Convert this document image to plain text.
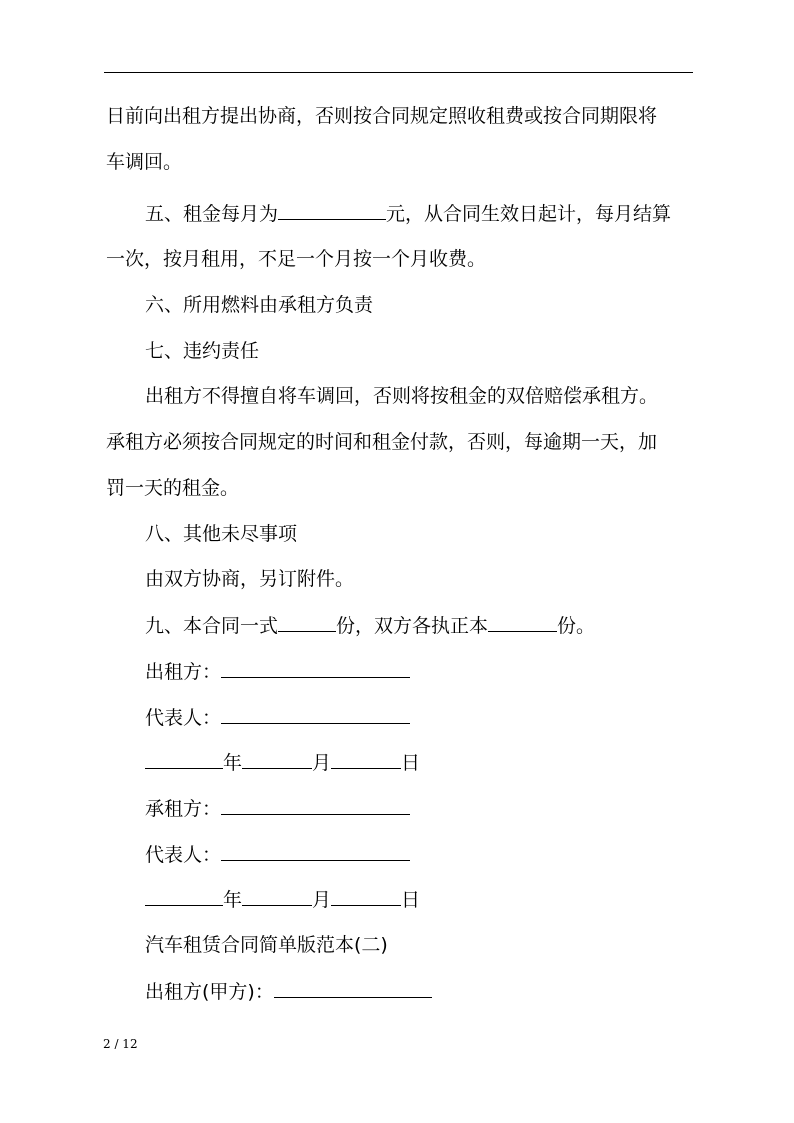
日前向出租方提出协商，否则按合同规定照收租费或按合同期限将
车调回。
五、租金每月为	元，从合同生效日起计，每月结算
一次，按月租用，不足一个月按一个月收费。
六、所用燃料由承租方负责
七、违约责任
出租方不得擅自将车调回，否则将按租金的双倍赔偿承租方。
承租方必须按合同规定的时间和租金付款，否则，每逾期一天，加
罚一天的租金。
八、其他未尽事项
由双方协商，另订附件。
九、本合同一式	份，双方各执正本	份。
出租方：
代表人：
年	月	日
承租方：
代表人：
年	月	日
汽车租赁合同简单版范本(二)
出租方(甲方)：
2 / 12
